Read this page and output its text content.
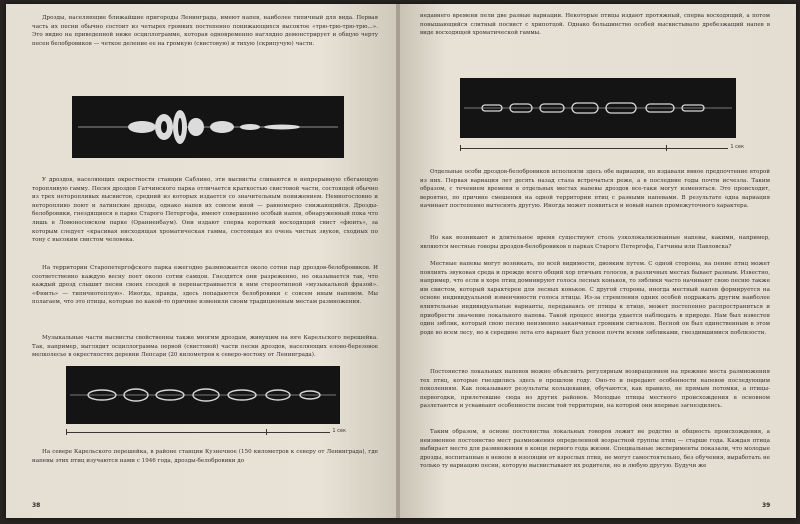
Дрозды, населяющие ближайшие пригороды Ленинграда, имеют напев, наиболее типичный для вида. Первая часть их песни обычно состоит из четырех громких постепенно понижающихся высоктое «трю-трю-трю-трю...». Это видно на приведенной ниже осциллограмме, которая одновременно наглядно демонстрирует и общую черту песен белобровиков — четкое деление ее на громкую (свистовую) и тихую (скрипучую) части.

У дроздов, населяющих окрестности станции Саблино, эти высвисты сливаются в непрерывную сбегающую торопливую гамму. Песня дроздов Гатчинского парка отличается краткостью свистовой части, состоящей обычно из трех неторопливых высвистов, средний из которых издается со значительным понижением. Немногословно и неторопливо поют и латинские дрозды, однако напев их совсем иной — равномерно снижающийся. Дрозды-белобровики, гнездящиеся в парке Старого Петергофа, имеют совершенно особый напев, обнаруженный пока что лишь в Ломоносовском парке (Ораниенбаум). Они издают сперва короткий восходящий свист «фюить», за которым следует «красивая нисходящая хроматическая гамма, состоящая из очень чистых звуков, сходных по тону с высоким свистом человека.

На территории Старопетергофского парка ежегодно размножается около сотни пар дроздов-белобровиков. И соответственно каждую весну поет около сотни самцов. Гнездятся они разреженно, но оказывается так, что каждый дрозд слышит песни своих соседей и перенастраивается к ним стереотипной «музыкальной фразой». «Фюить» — типичнотеплую». Иногда, правда, здесь попадаются белобровики с совсем иным напевом. Мы полагаем, что это птицы, которые по какой-то причине изменили своим традиционным местам размножения.

Музыкальные части высвисты свойственны также многим дроздам, живущим на юге Карельского перешейка. Так, например, выглядит осциллограмма первой (свистовой) части песни дроздов, населяющих елово-березовое мелколесье в окрестностях деревни Лепсари (20 километров к северо-востоку от Ленинграда).

1 сек

На севере Карельского перешейка, в районе станции Кузнечное (150 километров к северу от Ленинграда), где напевы этих птиц изучаются нами с 1946 года, дрозды-белобровики до

38

недавнего времени пели две разные вариации. Некоторые птицы издают протяжный, сперва восходящий, а потом повышающийся слитный посвист с хрипотцой. Однако большинство особей высвистывало дребезжащий напев в виде восходящей хроматической гаммы.

1 сек

Отдельные особи дроздов-белобровиков исполняли здесь обе вариации, но издавали явное предпочтение второй из них. Первая вариация лет десять назад стала встречаться реже, а в последние годы почти исчезла. Таким образом, с течением времени в отдельных местах напевы дроздов все-таки могут изменяться. Это происходит, вероятно, по причине смешения на одной территории птиц с разными напевами. В результате одна вариация начинает постепенно вытеснять другую. Иногда может появиться и новый напев промежуточного характера.

Но как возникают и длительное время существуют столь узколокализованные напевы, какими, например, являются местные говоры дроздов-белобровиков в парках Старого Петергофа, Гатчины или Павловска?

Местные напевы могут возникать, по всей видимости, двояким путем. С одной стороны, на пение птиц может повлиять звуковая среда и прежде всего общий хор птичьих голосов, в различных местах бывает разным. Известно, например, что если в хоре птиц доминируют голоса лесных коньков, то зяблики часто начинают свою песню также им свистом, который характерен для лесных коньков. С другой стороны, иногда местный напев формируется на основе индивидуальной изменчивости голоса птицы. Из-за стремления одних особей подражать другим наиболее влиятельные индивидуальные варианты, передаваясь от птицы к птице, может постепенно распространиться и приобрести значение локального напева. Такой процесс иногда удается наблюдать в природе. Нам был известен один зяблик, который свою песню неизменно заканчивал громким сигналом. Весной он был единственным в этом роде во всем лесу, но к середине лета его вариант был усвоен почти всеми зябликами, гнездившимися поблизости.

Постоянство локальных напевов можно объяснить регулярным возвращением на прежние места размножения тех птиц, которые гнездились здесь в прошлом году. Оно-то и передают особенности напевов последующим поколениям. Как показывают результаты кольцевания, обучаются, как правило, не прямым потомки, а птицы-первогодки, прилетевшие сюда из других районов. Молодые птицы местного происхождения в основном разлетаются и усваивают особенности песни той территории, на которой они впервые загнездились.

Таким образом, в основе постоянства локальных говоров лежит не родство и общность происхождения, а неизменное постоянство мест размножения определенной возрастной группы птиц — старше года. Каждая птица выбирает место для размножения в конце первого года жизни. Специальные эксперименты показали, что молодые дрозды, воспитанные в неволе в изоляции от взрослых птиц, не могут самостоятельно, без обучения, выработать не только ту вариацию песни, которую высвистывают их родители, но и любую другую. Будучи же

39
